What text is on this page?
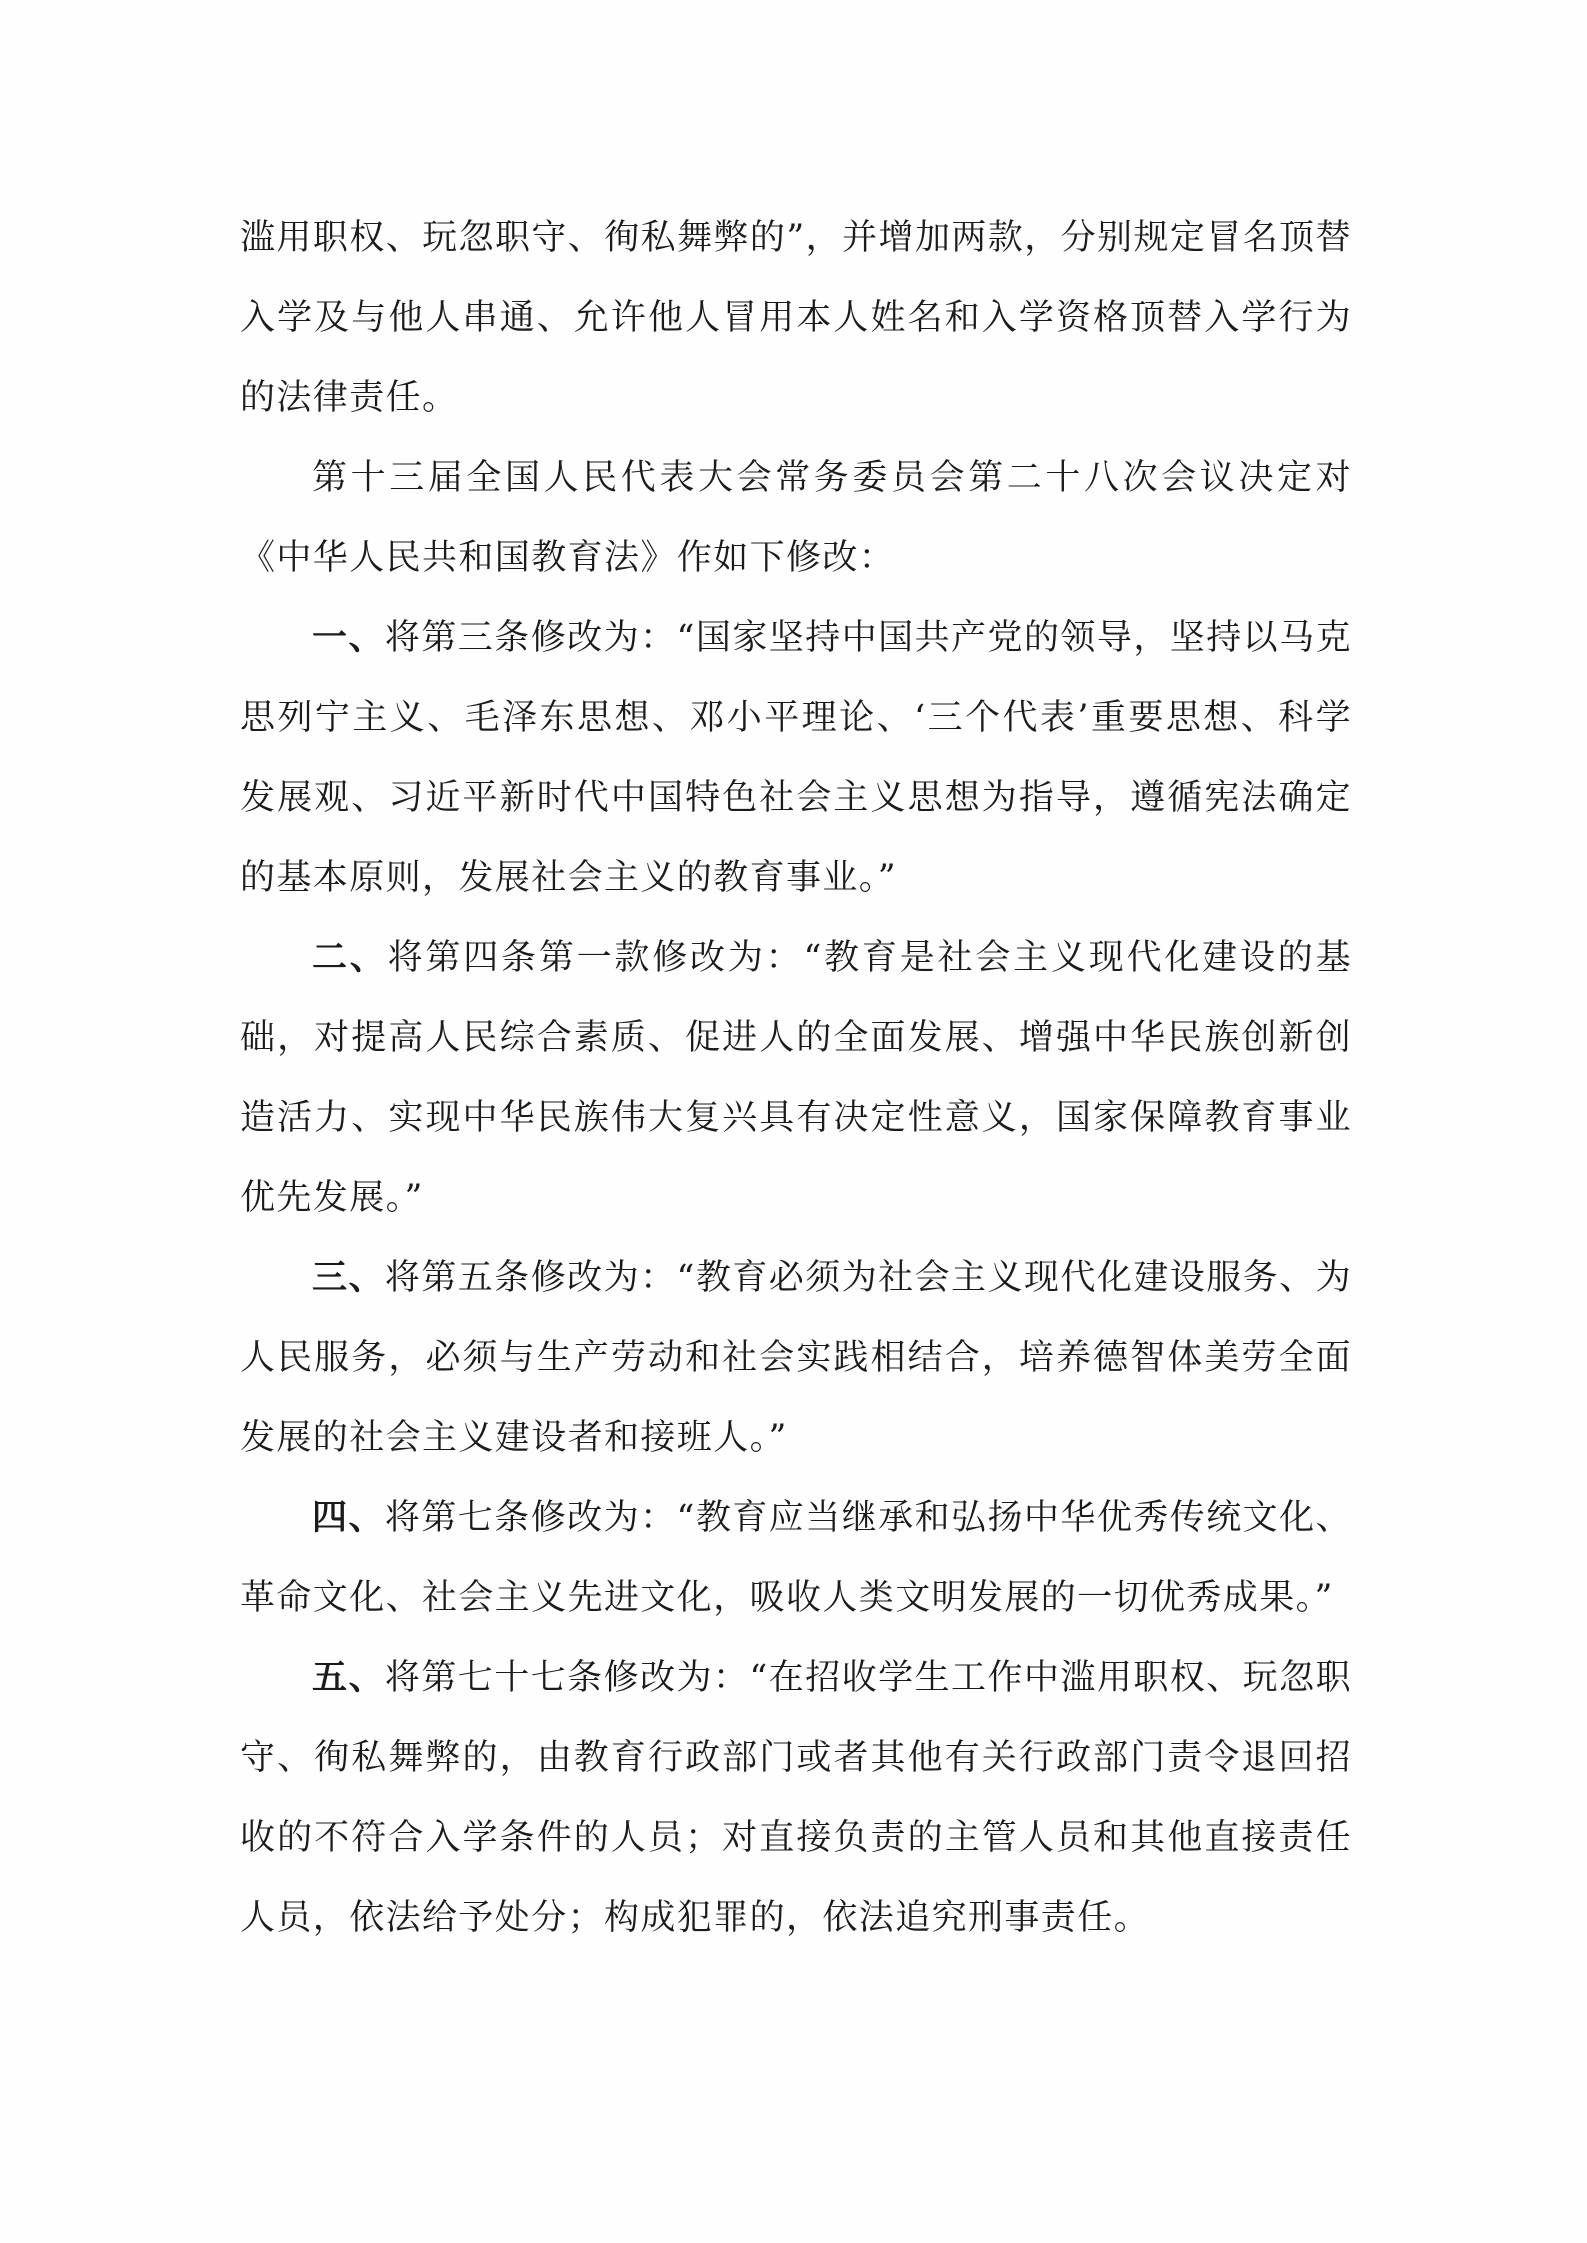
滥用职权、玩忽职守、徇私舞弊的”，并增加两款，分别规定冒名顶替入学及与他人串通、允许他人冒用本人姓名和入学资格顶替入学行为的法律责任。

第十三届全国人民代表大会常务委员会第二十八次会议决定对《中华人民共和国教育法》作如下修改：

一、将第三条修改为：“国家坚持中国共产党的领导，坚持以马克思列宁主义、毛泽东思想、邓小平理论、‘三个代表’重要思想、科学发展观、习近平新时代中国特色社会主义思想为指导，遵循宪法确定的基本原则，发展社会主义的教育事业。”

二、将第四条第一款修改为：“教育是社会主义现代化建设的基础，对提高人民综合素质、促进人的全面发展、增强中华民族创新创造活力、实现中华民族伟大复兴具有决定性意义，国家保障教育事业优先发展。”

三、将第五条修改为：“教育必须为社会主义现代化建设服务、为人民服务，必须与生产劳动和社会实践相结合，培养德智体美劳全面发展的社会主义建设者和接班人。”

四、将第七条修改为：“教育应当继承和弘扬中华优秀传统文化、革命文化、社会主义先进文化，吸收人类文明发展的一切优秀成果。”

五、将第七十七条修改为：“在招收学生工作中滥用职权、玩忽职守、徇私舞弊的，由教育行政部门或者其他有关行政部门责令退回招收的不符合入学条件的人员；对直接负责的主管人员和其他直接责任人员，依法给予处分；构成犯罪的，依法追究刑事责任。
